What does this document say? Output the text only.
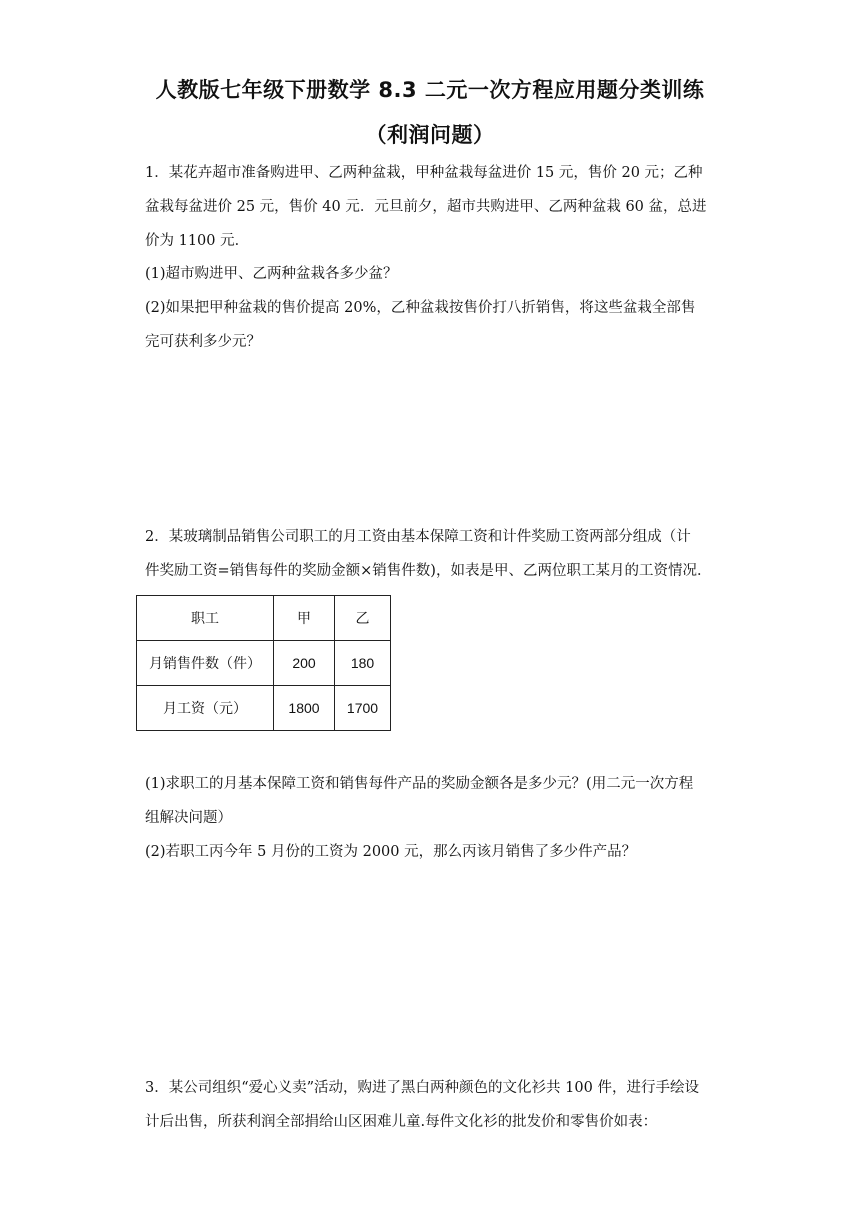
人教版七年级下册数学 8.3 二元一次方程应用题分类训练
（利润问题）
1．某花卉超市准备购进甲、乙两种盆栽，甲种盆栽每盆进价 15 元，售价 20 元；乙种
盆栽每盆进价 25 元，售价 40 元．元旦前夕，超市共购进甲、乙两种盆栽 60 盆，总进
价为 1100 元．
(1)超市购进甲、乙两种盆栽各多少盆？
(2)如果把甲种盆栽的售价提高 20%，乙种盆栽按售价打八折销售，将这些盆栽全部售
完可获利多少元？
2．某玻璃制品销售公司职工的月工资由基本保障工资和计件奖励工资两部分组成（计
件奖励工资=销售每件的奖励金额×销售件数)，如表是甲、乙两位职工某月的工资情况．
职工	甲	乙
月销售件数（件）	200	180
月工资（元）	1800	1700
(1)求职工的月基本保障工资和销售每件产品的奖励金额各是多少元？(用二元一次方程
组解决问题）
(2)若职工丙今年 5 月份的工资为 2000 元，那么丙该月销售了多少件产品？
3．某公司组织“爱心义卖”活动，购进了黑白两种颜色的文化衫共 100 件，进行手绘设
计后出售，所获利润全部捐给山区困难儿童.每件文化衫的批发价和零售价如表：
